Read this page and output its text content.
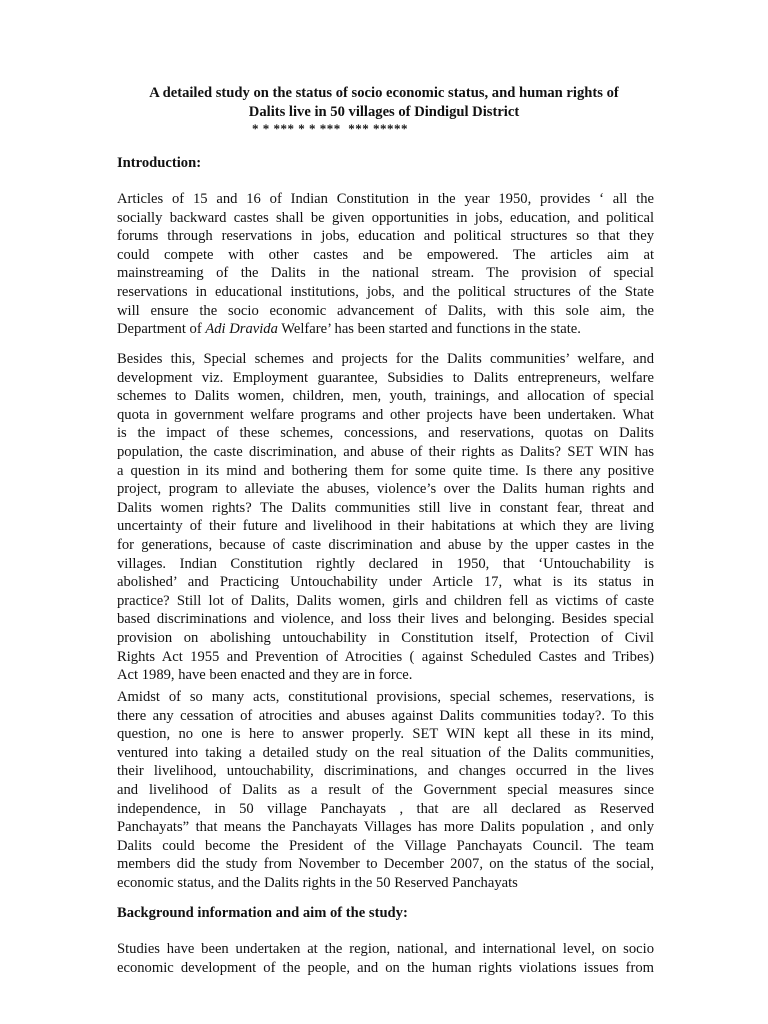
A detailed study on the status of socio economic status, and human rights of
Dalits live in 50 villages of Dindigul District
* * *** * * ***  *** *****
Introduction:
Articles of 15 and 16 of Indian Constitution in the year 1950, provides ‘ all the
socially backward castes shall be given opportunities in jobs, education, and political
forums through reservations in jobs, education and political structures so that they
could compete with other castes and be empowered. The articles aim at
mainstreaming of the Dalits in the national stream. The provision of special
reservations in educational institutions, jobs, and the political structures of the State
will ensure the socio economic advancement of Dalits, with this sole aim, the
Department of Adi Dravida Welfare’ has been started and functions in the state.
Besides this, Special schemes and projects for the Dalits communities’ welfare, and
development viz. Employment guarantee, Subsidies to Dalits entrepreneurs, welfare
schemes to Dalits women, children, men, youth, trainings, and allocation of special
quota in government welfare programs and other projects have been undertaken. What
is the impact of these schemes, concessions, and reservations, quotas on Dalits
population, the caste discrimination, and abuse of their rights as Dalits? SET WIN has
a question in its mind and bothering them for some quite time. Is there any positive
project, program to alleviate the abuses, violence’s over the Dalits human rights and
Dalits women rights? The Dalits communities still live in constant fear, threat and
uncertainty of their future and livelihood in their habitations at which they are living
for generations, because of caste discrimination and abuse by the upper castes in the
villages. Indian Constitution rightly declared in 1950, that ‘Untouchability is
abolished’ and Practicing Untouchability under Article 17, what is its status in
practice? Still lot of Dalits, Dalits women, girls and children fell as victims of caste
based discriminations and violence, and loss their lives and belonging. Besides special
provision on abolishing untouchability in Constitution itself, Protection of Civil
Rights Act 1955 and Prevention of Atrocities ( against Scheduled Castes and Tribes)
Act 1989, have been enacted and they are in force.
Amidst of so many acts, constitutional provisions, special schemes, reservations, is
there any cessation of atrocities and abuses against Dalits communities today?. To this
question, no one is here to answer properly. SET WIN kept all these in its mind,
ventured into taking a detailed study on the real situation of the Dalits communities,
their livelihood, untouchability, discriminations, and changes occurred in the lives
and livelihood of Dalits as a result of the Government special measures since
independence, in 50 village Panchayats , that are all declared as Reserved
Panchayats” that means the Panchayats Villages has more Dalits population , and only
Dalits could become the President of the Village Panchayats Council. The team
members did the study from November to December 2007, on the status of the social,
economic status, and the Dalits rights in the 50 Reserved Panchayats
Background information and aim of the study:
Studies have been undertaken at the region, national, and international level, on socio
economic development of the people, and on the human rights violations issues from
